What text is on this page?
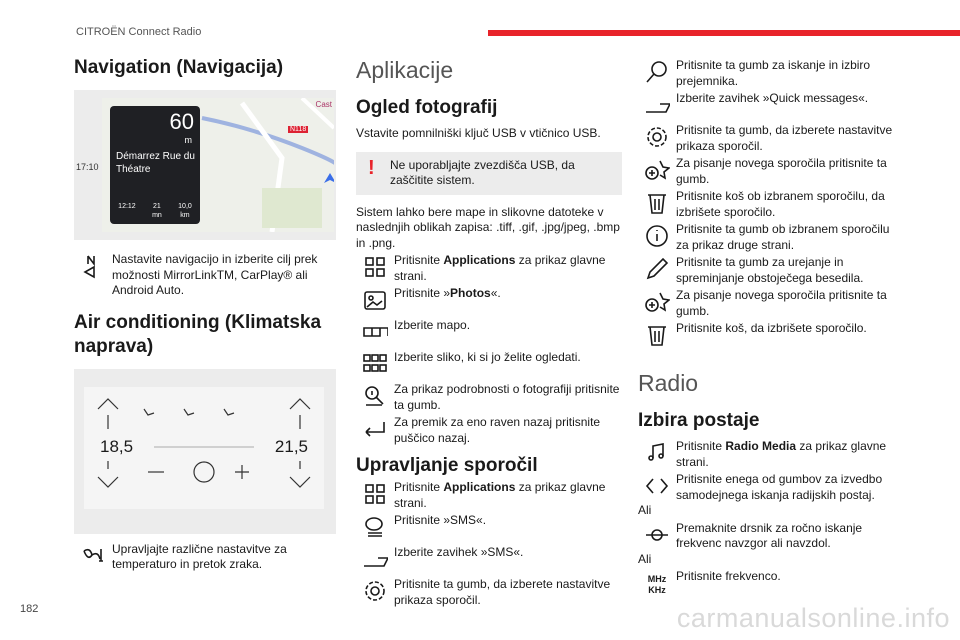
CITROËN Connect Radio
Navigation (Navigacija)
17:10
N118
Cast
60
m
Démarrez Rue du Théatre
12:12 21
mn
10,0
km

Nastavite navigacijo in izberite cilj prek možnosti MirrorLinkTM, CarPlay® ali Android Auto.

Air conditioning (Klimatska naprava)
18,5	21,5

Upravljajte različne nastavitve za temperaturo in pretok zraka.

Aplikacije
Ogled fotografij

Vstavite pomnilniški ključ USB v vtičnico USB.

! Ne uporabljajte zvezdišča USB, da zaščitite sistem.

Sistem lahko bere mape in slikovne datoteke v naslednjih oblikah zapisa: .tiff, .gif, .jpg/jpeg, .bmp in .png.

Pritisnite Applications za prikaz glavne strani.

Pritisnite »Photos«.

Izberite mapo.

Izberite sliko, ki si jo želite ogledati.

Za prikaz podrobnosti o fotografiji pritisnite ta gumb.

Za premik za eno raven nazaj pritisnite puščico nazaj.

Upravljanje sporočil

Pritisnite Applications za prikaz glavne strani.

Pritisnite »SMS«.

Izberite zavihek »SMS«.

Pritisnite ta gumb, da izberete nastavitve prikaza sporočil.

Pritisnite ta gumb za iskanje in izbiro prejemnika.

Izberite zavihek »Quick messages«.

Pritisnite ta gumb, da izberete nastavitve prikaza sporočil.

Za pisanje novega sporočila pritisnite ta gumb.

Pritisnite koš ob izbranem sporočilu, da izbrišete sporočilo.

Pritisnite ta gumb ob izbranem sporočilu za prikaz druge strani.

Pritisnite ta gumb za urejanje in spreminjanje obstoječega besedila.

Za pisanje novega sporočila pritisnite ta gumb.

Pritisnite koš, da izbrišete sporočilo.

Radio
Izbira postaje

Pritisnite Radio Media za prikaz glavne strani.

Pritisnite enega od gumbov za izvedbo samodejnega iskanja radijskih postaj.

Ali

Premaknite drsnik za ročno iskanje frekvenc navzgor ali navzdol.

Ali

MHz
KHz

Pritisnite frekvenco.

182	carmanualsonline.info
